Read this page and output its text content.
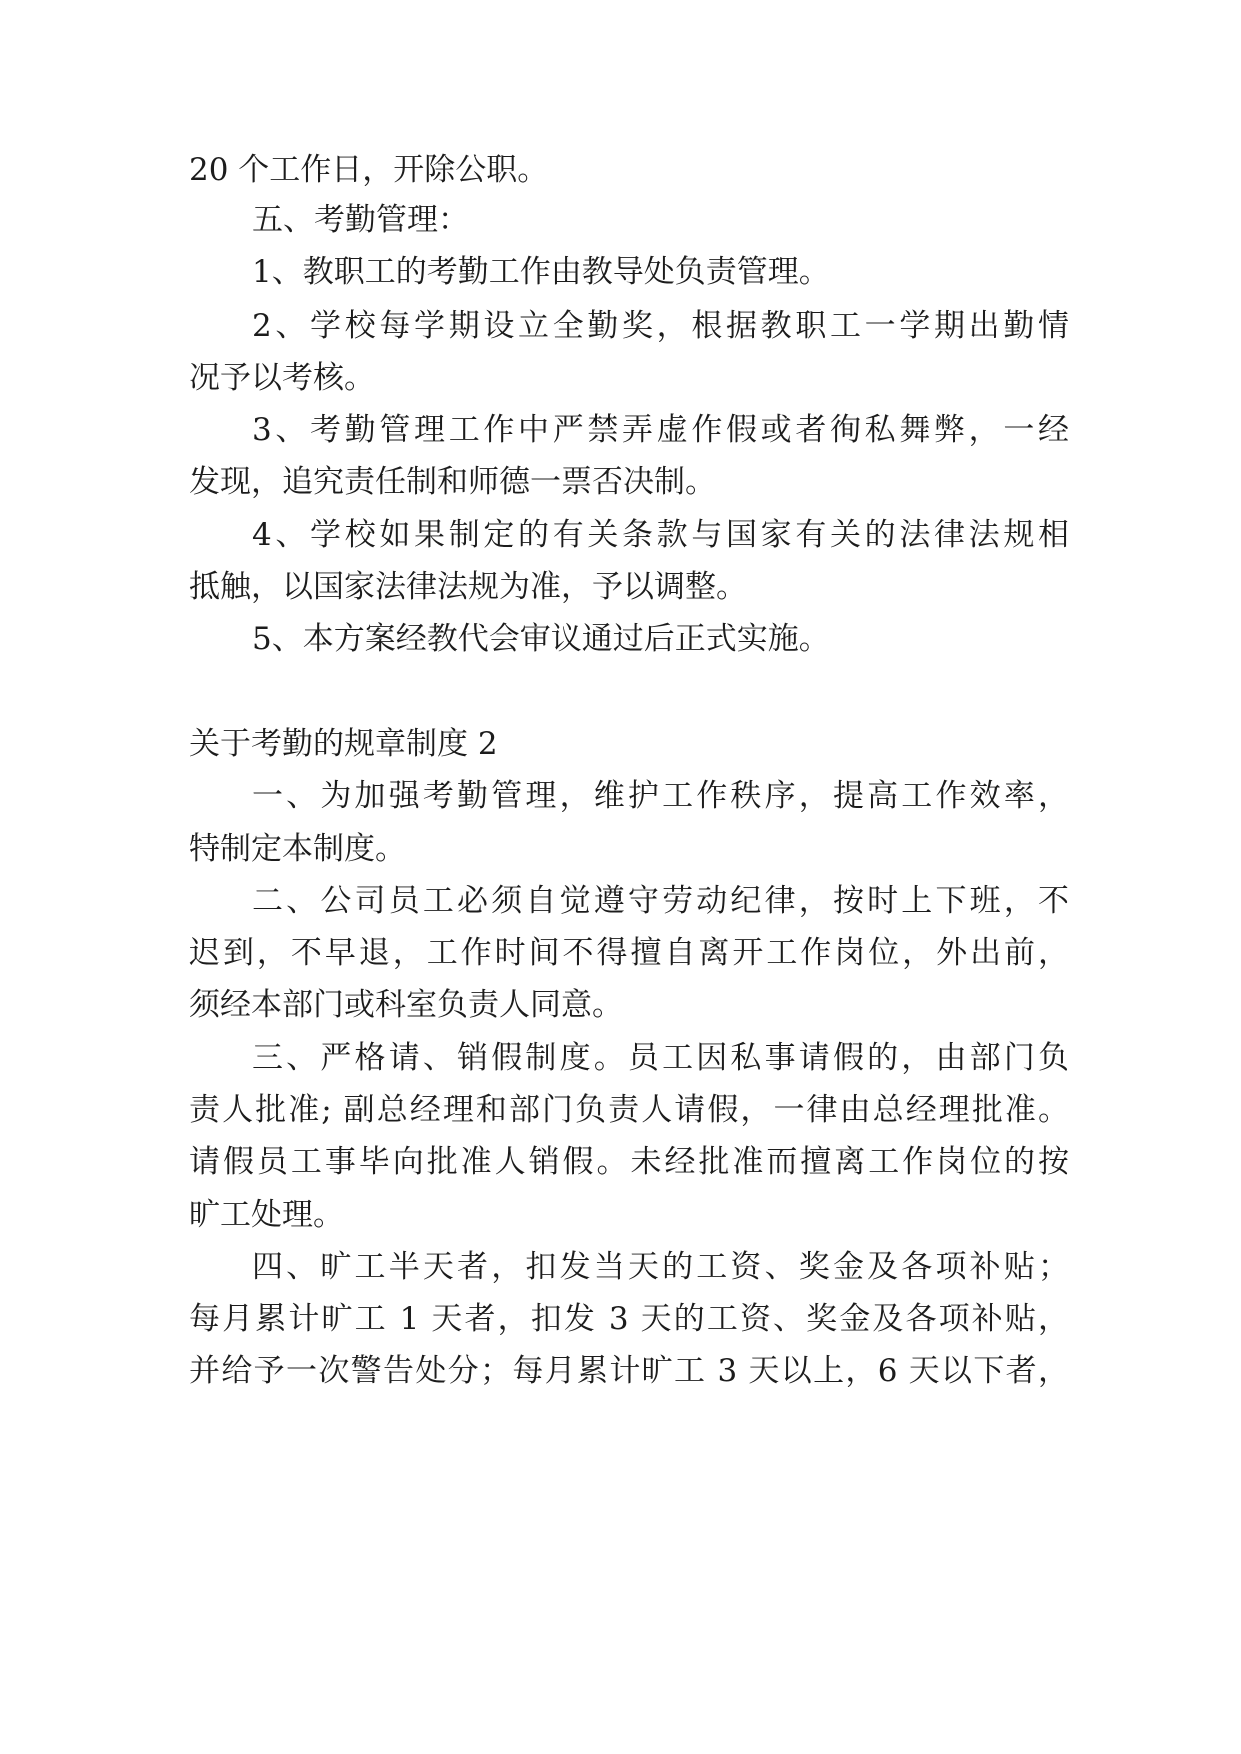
20 个工作日，开除公职。

五、考勤管理：

1、教职工的考勤工作由教导处负责管理。

2、学校每学期设立全勤奖，根据教职工一学期出勤情

况予以考核。

3、考勤管理工作中严禁弄虚作假或者徇私舞弊，一经

发现，追究责任制和师德一票否决制。

4、学校如果制定的有关条款与国家有关的法律法规相

抵触，以国家法律法规为准，予以调整。

5、本方案经教代会审议通过后正式实施。

关于考勤的规章制度 2

一、为加强考勤管理，维护工作秩序，提高工作效率，

特制定本制度。

二、公司员工必须自觉遵守劳动纪律，按时上下班，不

迟到，不早退，工作时间不得擅自离开工作岗位，外出前，

须经本部门或科室负责人同意。

三、严格请、销假制度。员工因私事请假的，由部门负

责人批准; 副总经理和部门负责人请假，一律由总经理批准。

请假员工事毕向批准人销假。未经批准而擅离工作岗位的按

旷工处理。

四、旷工半天者，扣发当天的工资、奖金及各项补贴；

每月累计旷工 1 天者，扣发 3 天的工资、奖金及各项补贴，

并给予一次警告处分；每月累计旷工 3 天以上，6 天以下者，
